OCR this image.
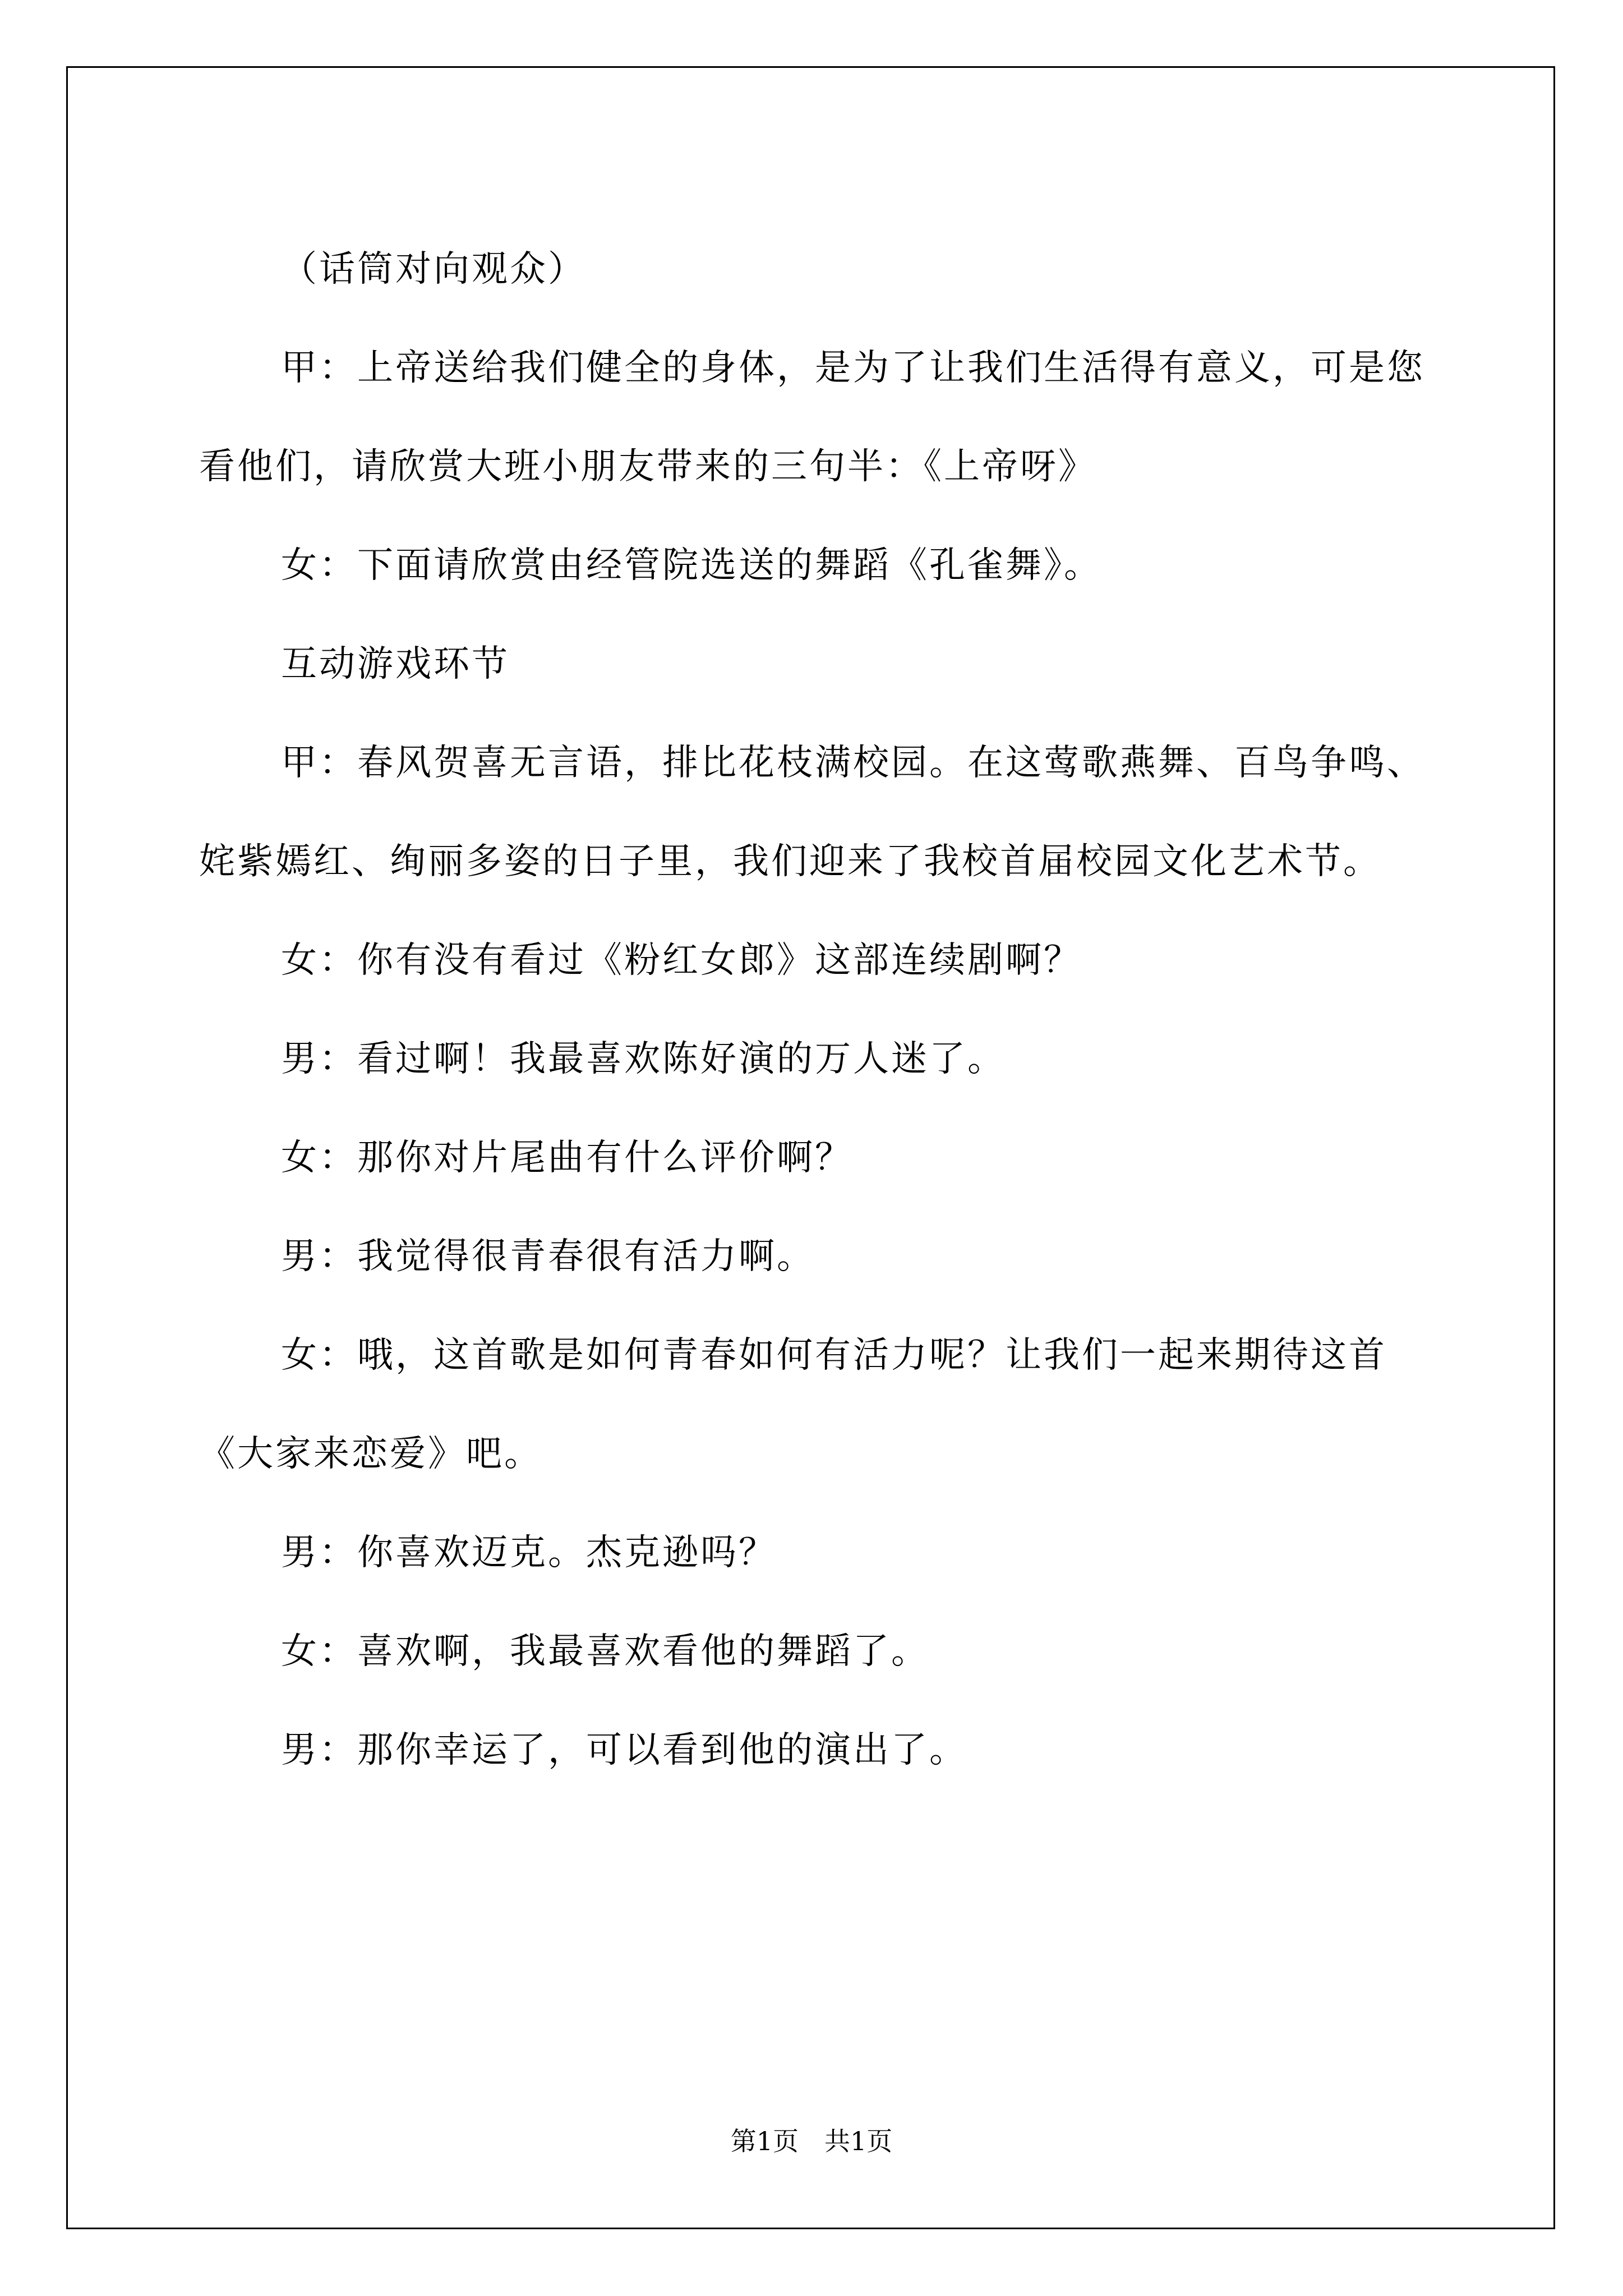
（话筒对向观众）

甲：上帝送给我们健全的身体，是为了让我们生活得有意义，可是您看他们，请欣赏大班小朋友带来的三句半：《上帝呀》

女：下面请欣赏由经管院选送的舞蹈《孔雀舞》。

互动游戏环节

甲：春风贺喜无言语，排比花枝满校园。在这莺歌燕舞、百鸟争鸣、姹紫嫣红、绚丽多姿的日子里，我们迎来了我校首届校园文化艺术节。

女：你有没有看过《粉红女郎》这部连续剧啊？

男：看过啊！我最喜欢陈好演的万人迷了。

女：那你对片尾曲有什么评价啊？

男：我觉得很青春很有活力啊。

女：哦，这首歌是如何青春如何有活力呢？让我们一起来期待这首《大家来恋爱》吧。

男：你喜欢迈克。杰克逊吗？

女：喜欢啊，我最喜欢看他的舞蹈了。

男：那你幸运了，可以看到他的演出了。

第1页　共1页
